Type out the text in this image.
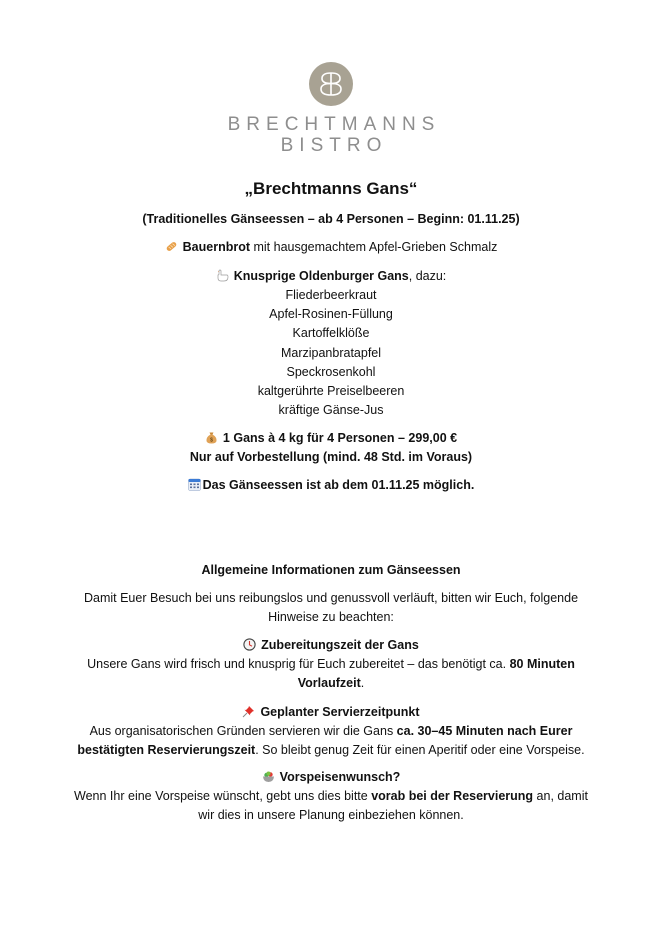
BRECHTMANNS
BISTRO
„Brechtmanns Gans“
(Traditionelles Gänseessen – ab 4 Personen – Beginn: 01.11.25)
Bauernbrot mit hausgemachtem Apfel-Grieben Schmalz
Knusprige Oldenburger Gans, dazu:
Fliederbeerkraut
Apfel-Rosinen-Füllung
Kartoffelklöße
Marzipanbratapfel
Speckrosenkohl
kaltgerührte Preiselbeeren
kräftige Gänse-Jus
$ 1 Gans à 4 kg für 4 Personen – 299,00 €
Nur auf Vorbestellung (mind. 48 Std. im Voraus)
Das Gänseessen ist ab dem 01.11.25 möglich.
Allgemeine Informationen zum Gänseessen
Damit Euer Besuch bei uns reibungslos und genussvoll verläuft, bitten wir Euch, folgende Hinweise zu beachten:
Zubereitungszeit der Gans
Unsere Gans wird frisch und knusprig für Euch zubereitet – das benötigt ca. 80 Minuten Vorlaufzeit.
Geplanter Servierzeitpunkt
Aus organisatorischen Gründen servieren wir die Gans ca. 30–45 Minuten nach Eurer bestätigten Reservierungszeit. So bleibt genug Zeit für einen Aperitif oder eine Vorspeise.
Vorspeisenwunsch?
Wenn Ihr eine Vorspeise wünscht, gebt uns dies bitte vorab bei der Reservierung an, damit wir dies in unsere Planung einbeziehen können.
